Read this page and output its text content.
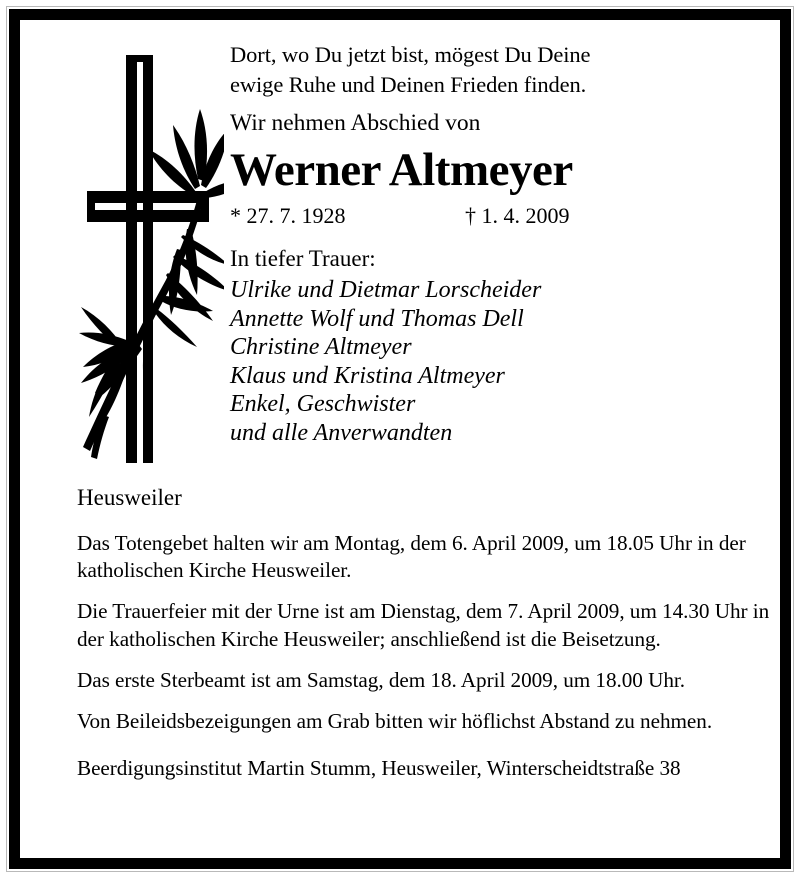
Dort, wo Du jetzt bist, mögest Du Deine
ewige Ruhe und Deinen Frieden finden.
Wir nehmen Abschied von
Werner Altmeyer
* 27. 7. 1928	† 1. 4. 2009
In tiefer Trauer:
Ulrike und Dietmar Lorscheider
Annette Wolf und Thomas Dell
Christine Altmeyer
Klaus und Kristina Altmeyer
Enkel, Geschwister
und alle Anverwandten
Heusweiler
Das Totengebet halten wir am Montag, dem 6. April 2009, um 18.05 Uhr in der katholischen Kirche Heusweiler.
Die Trauerfeier mit der Urne ist am Dienstag, dem 7. April 2009, um 14.30 Uhr in der katholischen Kirche Heusweiler; anschließend ist die Beisetzung.
Das erste Sterbeamt ist am Samstag, dem 18. April 2009, um 18.00 Uhr.
Von Beileidsbezeigungen am Grab bitten wir höflichst Abstand zu nehmen.
Beerdigungsinstitut Martin Stumm, Heusweiler, Winterscheidtstraße 38
